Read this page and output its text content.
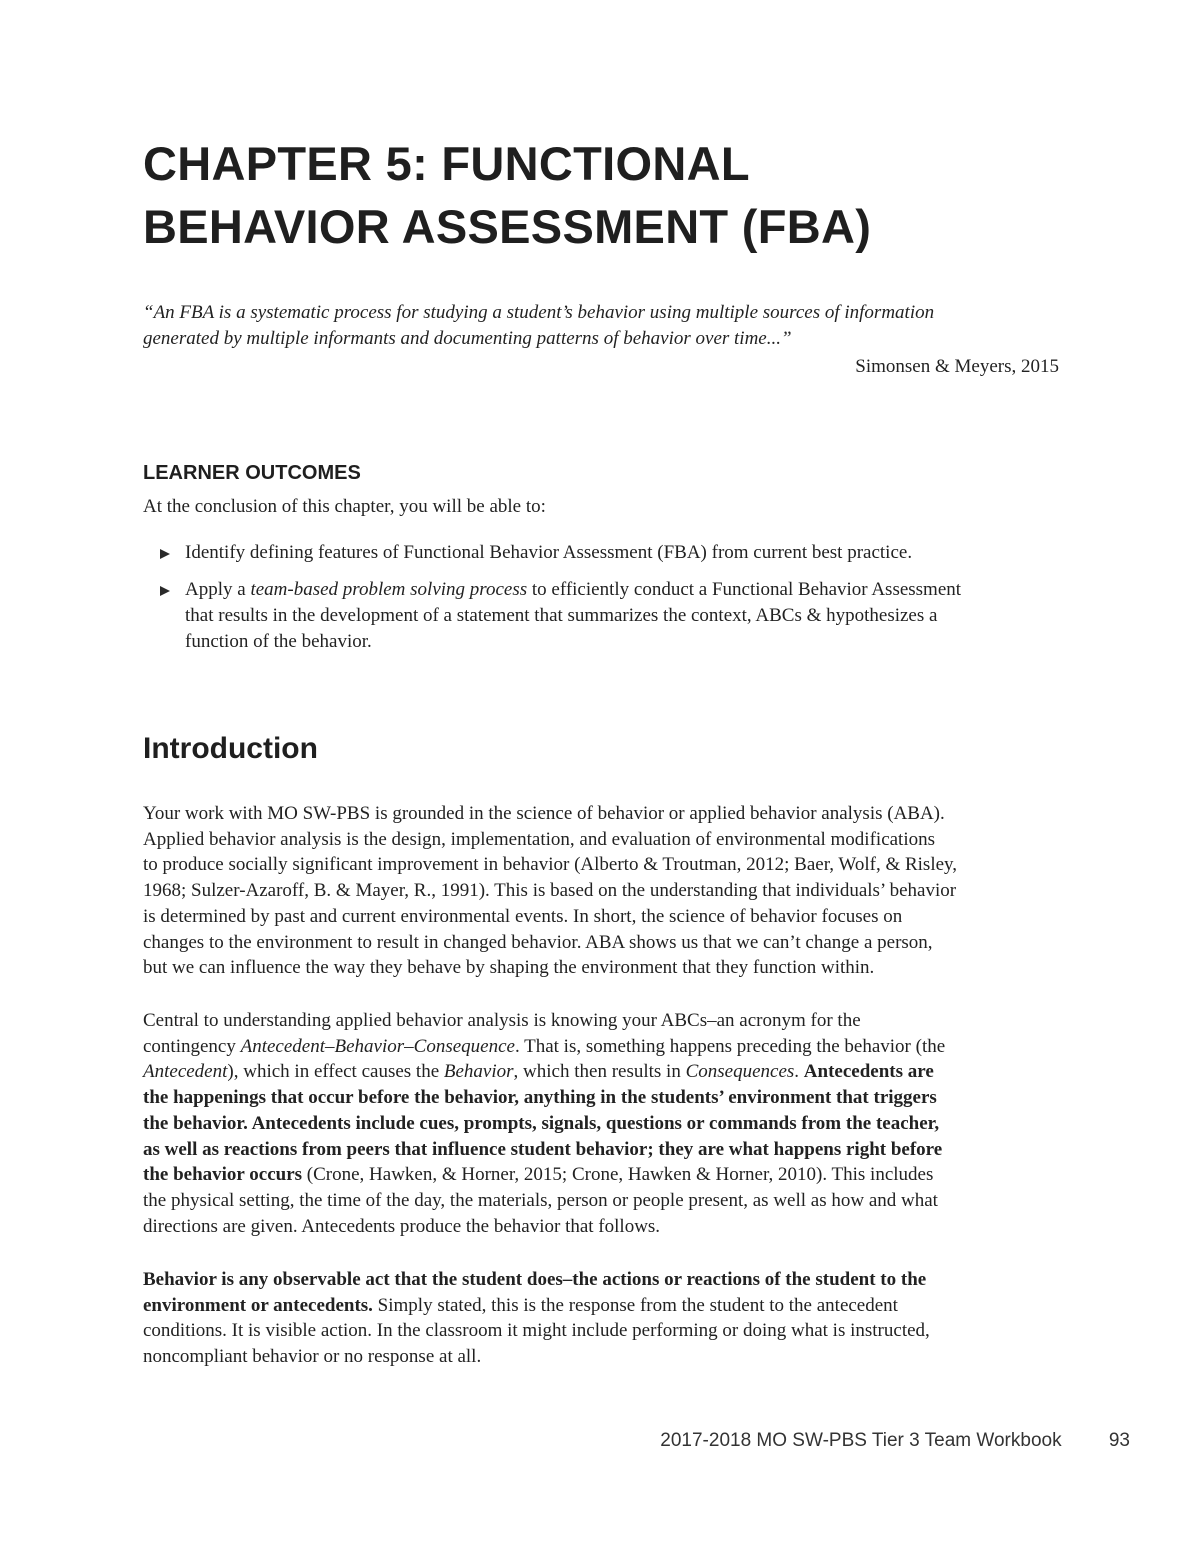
CHAPTER 5: FUNCTIONAL
BEHAVIOR ASSESSMENT (FBA)
“An FBA is a systematic process for studying a student’s behavior using multiple sources of information
generated by multiple informants and documenting patterns of behavior over time...”
Simonsen & Meyers, 2015
LEARNER OUTCOMES
At the conclusion of this chapter, you will be able to:
Identify defining features of Functional Behavior Assessment (FBA) from current best practice.
Apply a team-based problem solving process to efficiently conduct a Functional Behavior Assessment
that results in the development of a statement that summarizes the context, ABCs & hypothesizes a
function of the behavior.
Introduction
Your work with MO SW-PBS is grounded in the science of behavior or applied behavior analysis (ABA).
Applied behavior analysis is the design, implementation, and evaluation of environmental modifications
to produce socially significant improvement in behavior (Alberto & Troutman, 2012; Baer, Wolf, & Risley,
1968; Sulzer-Azaroff, B. & Mayer, R., 1991). This is based on the understanding that individuals’ behavior
is determined by past and current environmental events. In short, the science of behavior focuses on
changes to the environment to result in changed behavior. ABA shows us that we can’t change a person,
but we can influence the way they behave by shaping the environment that they function within.
Central to understanding applied behavior analysis is knowing your ABCs–an acronym for the
contingency Antecedent–Behavior–Consequence. That is, something happens preceding the behavior (the
Antecedent), which in effect causes the Behavior, which then results in Consequences. Antecedents are
the happenings that occur before the behavior, anything in the students’ environment that triggers
the behavior. Antecedents include cues, prompts, signals, questions or commands from the teacher,
as well as reactions from peers that influence student behavior; they are what happens right before
the behavior occurs (Crone, Hawken, & Horner, 2015; Crone, Hawken & Horner, 2010). This includes
the physical setting, the time of the day, the materials, person or people present, as well as how and what
directions are given. Antecedents produce the behavior that follows.
Behavior is any observable act that the student does–the actions or reactions of the student to the
environment or antecedents. Simply stated, this is the response from the student to the antecedent
conditions. It is visible action. In the classroom it might include performing or doing what is instructed,
noncompliant behavior or no response at all.
2017-2018 MO SW-PBS Tier 3 Team Workbook 93
